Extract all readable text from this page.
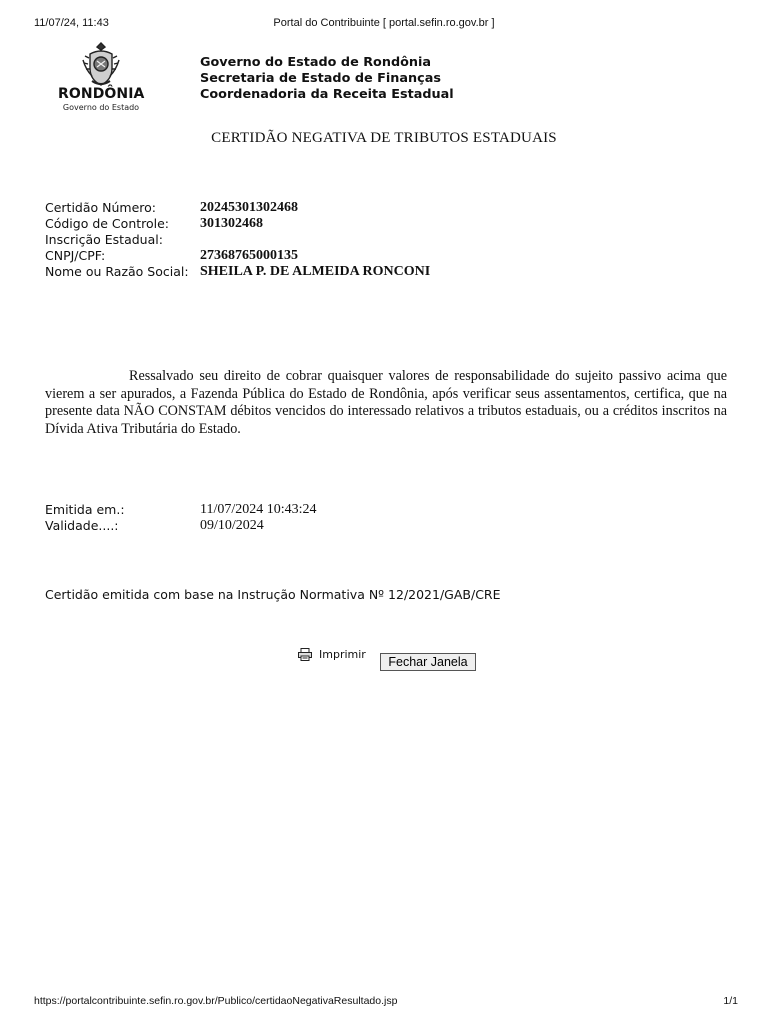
Portal do Contribuinte [ portal.sefin.ro.gov.br ]
11/07/24, 11:43
RONDÔNIA
Governo do Estado
Governo do Estado de Rondônia
Secretaria de Estado de Finanças
Coordenadoria da Receita Estadual
CERTIDÃO NEGATIVA DE TRIBUTOS ESTADUAIS
Certidão Número:	20245301302468
Código de Controle: 301302468
Inscrição Estadual:
CNPJ/CPF:	27368765000135
Nome ou Razão Social: SHEILA P. DE ALMEIDA RONCONI

Ressalvado seu direito de cobrar quaisquer valores de responsabilidade do sujeito passivo acima que vierem a ser apurados, a Fazenda Pública do Estado de Rondônia, após verificar seus assentamentos, certifica, que na presente data NÃO CONSTAM débitos vencidos do interessado relativos a tributos estaduais, ou a créditos inscritos na Dívida Ativa Tributária do Estado.

Emitida em.:	11/07/2024 10:43:24
Validade....:	09/10/2024
Certidão emitida com base na Instrução Normativa Nº 12/2021/GAB/CRE
Imprimir
Fechar Janela
https://portalcontribuinte.sefin.ro.gov.br/Publico/certidaoNegativaResultado.jsp	1/1
